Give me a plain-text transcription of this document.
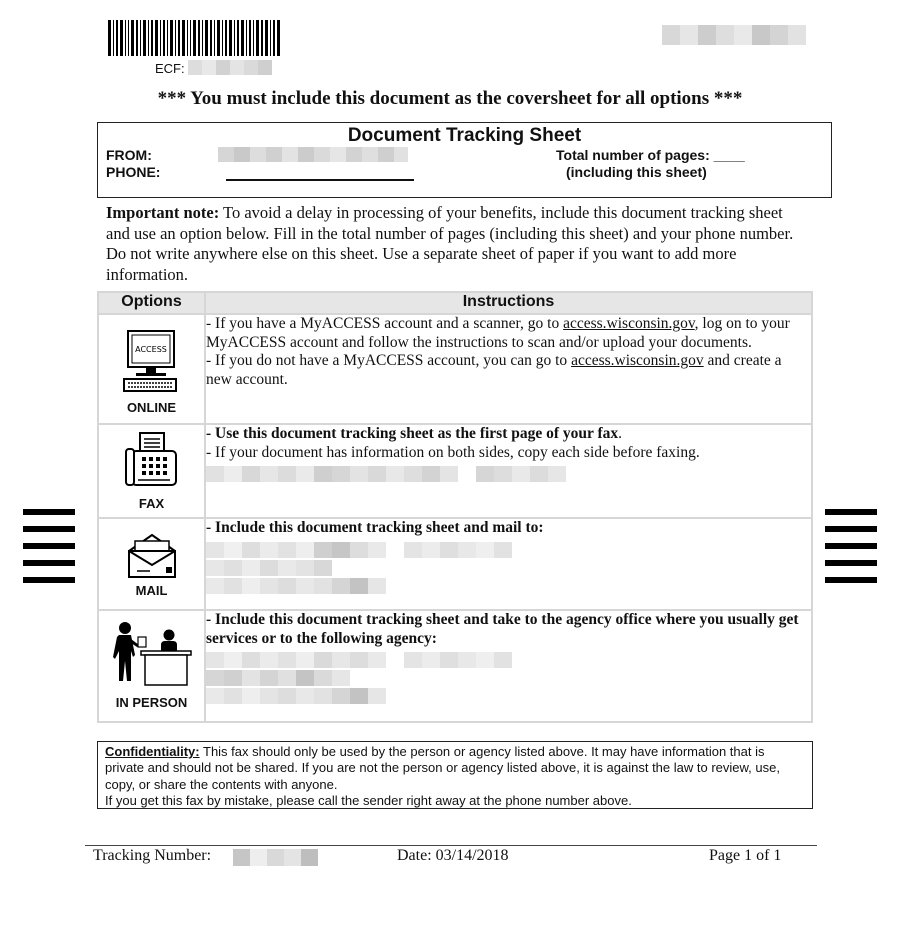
ECF:
*** You must include this document as the coversheet for all options ***
Document Tracking Sheet
FROM:
PHONE:
Total number of pages: ____
(including this sheet)
Important note: To avoid a delay in processing of your benefits, include this document tracking sheet and use an option below. Fill in the total number of pages (including this sheet) and your phone number. Do not write anywhere else on this sheet. Use a separate sheet of paper if you want to add more information.
Options	Instructions

ACCESS
ONLINE	- If you have a MyACCESS account and a scanner, go to access.wisconsin.gov, log on to your MyACCESS account and follow the instructions to scan and/or upload your documents.
- If you do not have a MyACCESS account, you can go to access.wisconsin.gov and create a new account.

FAX	- Use this document tracking sheet as the first page of your fax.
- If your document has information on both sides, copy each side before faxing.

MAIL	- Include this document tracking sheet and mail to:

IN PERSON	- Include this document tracking sheet and take to the agency office where you usually get services or to the following agency:
Confidentiality: This fax should only be used by the person or agency listed above. It may have information that is private and should not be shared. If you are not the person or agency listed above, it is against the law to review, use, copy, or share the contents with anyone.
If you get this fax by mistake, please call the sender right away at the phone number above.
Tracking Number:	Date: 03/14/2018	Page 1 of 1
